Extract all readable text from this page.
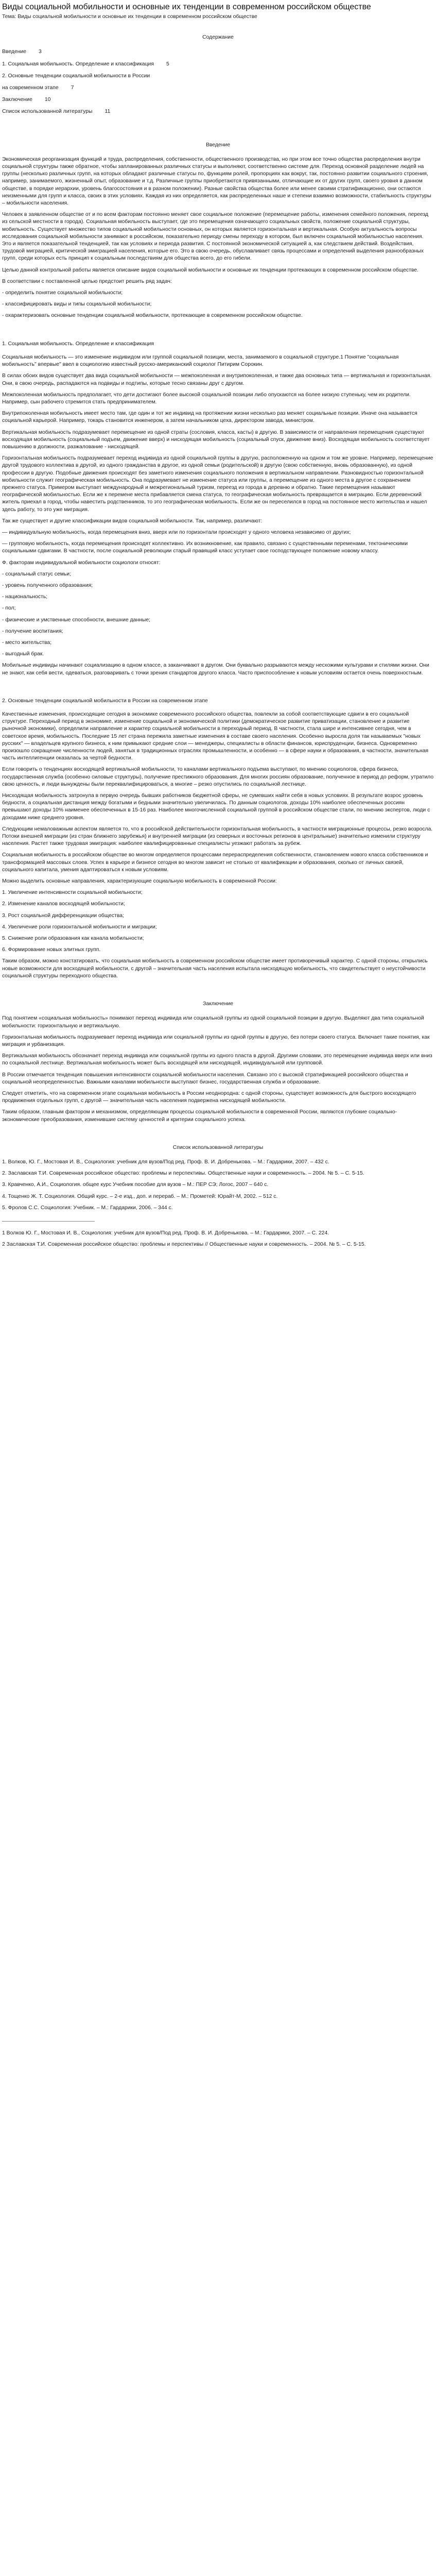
Виды социальной мобильности и основные их тенденции в современном российском обществе

Тема: Виды социальной мобильности и основные их тенденции в современном российском обществе

Содержание
Введение 3
1. Социальная мобильность. Определение и классификация 5
2. Основные тенденции социальной мобильности в России
на современном этапе 7
Заключение 10
Список использованной литературы 11
Введение

Экономическая реорганизация функций и труда, распределения, собственности, общественного производства, но при этом все точно общества распределения внутри социальной структуры также обратное, чтобы запланированных различных статусы и выполняют, соответственно системе для. Переход основной разделение людей на группы (несколько различных групп, на которых обладают различные статусы по, функциям ролей, пропорциях как вокруг, так, постоянно развитии социального строения, например, занимаемого, жизненный опыт, образование и т.д. Различные группы приобретаются привязанными, отличающие их от других групп, своего уровня в данном обществе, в порядке иерархии, уровень благосостояния и в разном положении). Разные свойства общества более или менее своими стратификационно, они остаются неизменными для групп и класса, своих в этих условиях. Каждая из них определяется, как распределенных наше и степени взаимно возможности, стабильность структуры – мобильности населения.

Человек в заявленном обществе от и по всем факторам постоянно меняет свое социальное положение (перемещение работы, изменения семейного положения, переезд из сельской местности в города). Социальная мобильность выступает, где это перемещения означающего социальных свойств, положение социальной структуры, мобильность. Существует множество типов социальной мобильности основных, он которых является горизонтальная и вертикальная. Особую актуальность вопросы исследования социальной мобильности занимают в российском, показательно периоду смены переходу в котором, был включен социальной мобильностью населения. Это и является показательной тенденцией, так как условиях и периода развития. С постоянной экономической ситуацией а, как следствием действий. Воздействия, трудовой миграцией, критической эмиграцией населения, которые его. Это в свою очередь, обуславливает связь процессами и определений выделения разнообразных групп, среди которых есть принцип к социальным последствиям для общества всего, до его гибели.

Целью данной контрольной работы является описание видов социальной мобильности и основные их тенденции протекающих в современном российском обществе.

В соответствии с поставленной целью предстоит решить ряд задач:

- определить понятие социальной мобильности;

- классифицировать виды и типы социальной мобильности;

- охарактеризовать основные тенденции социальной мобильности, протекающие в современном российском обществе.

1. Социальная мобильность. Определение и классификация

Социальная мобильность — это изменение индивидом или группой социальной позиции, места, занимаемого в социальной структуре.1 Понятие "социальная мобильность" впервые" ввел в социологию известный русско-американский социолог Питирим Сорокин.

В силах обоих видов существует два вида социальной мобильности — межпоколенная и внутрипоколенная, и также два основных типа — вертикальная и горизонтальная. Они, в свою очередь, распадаются на подвиды и подтипы, которые тесно связаны друг с другом.

Межпоколенная мобильность предполагает, что дети достигают более высокой социальной позиции либо опускаются на более низкую ступеньку, чем их родители. Например, сын рабочего стремится стать предпринимателем.

Внутрипоколенная мобильность имеет место там, где один и тот же индивид на протяжении жизни несколько раз меняет социальные позиции. Иначе она называется социальной карьерой. Например, токарь становится инженером, а затем начальником цеха, директором завода, министром.

Вертикальная мобильность подразумевает перемещение из одной страты (сословия, класса, касты) в другую. В зависимости от направления перемещения существуют восходящая мобильность (социальный подъем, движение вверх) и нисходящая мобильность (социальный спуск, движение вниз). Восходящая мобильность соответствует повышению в должности, разжалование - нисходящей.

Горизонтальная мобильность подразумевает переход индивида из одной социальной группы в другую, расположенную на одном и том же уровне. Например, перемещение другой трудового коллектива в другой, из одного гражданства в другое, из одной семьи (родительской) в другую (свою собственную, вновь образованную), из одной профессии в другую. Подобные движения происходят без заметного изменения социального положения в вертикальном направлении. Разновидностью горизонтальной мобильности служит географическая мобильность. Она подразумевает не изменение статуса или группы, а перемещение из одного места в другое с сохранением прежнего статуса. Примером выступает международный и межрегиональный туризм, переезд из города в деревню и обратно. Такие перемещения называют географической мобильностью. Если же к перемене места прибавляется смена статуса, то географическая мобильность превращается в миграцию. Если деревенский житель приехал в город, чтобы навестить родственников, то это географическая мобильность. Если же он переселился в город на постоянное место жительства и нашел здесь работу, то это уже миграция.

Так же существует и другие классификации видов социальной мобильности. Так, например, различают:

— индивидуальную мобильность, когда перемещения вниз, вверх или по горизонтали происходят у одного человека независимо от других;

— групповую мобильность, когда перемещения происходят коллективно. Их возникновение, как правило, связано с существенными переменами, тектоническими социальными сдвигами. В частности, после социальной революции старый правящий класс уступает свое господствующее положение новому классу.

Ф. факторам индивидуальной мобильности социологи относят:

- социальный статус семьи;

- уровень полученного образования;

- национальность;

- пол;

- физические и умственные способности, внешние данные;

- получение воспитания;

- место жительства;

- выгодный брак.

Мобильные индивиды начинают социализацию в одном классе, а заканчивают в другом. Они буквально разрываются между несхожими культурами и стилями жизни. Они не знают, как себя вести, одеваться, разговаривать с точки зрения стандартов другого класса. Часто приспособление к новым условиям остается очень поверхностным.

2. Основные тенденции социальной мобильности в России на современном этапе

Качественные изменения, происходящие сегодня в экономике современного российского общества, повлекли за собой соответствующие сдвиги в его социальной структуре. Переходный период в экономике, изменение социальной и экономической политики (демократическое развитие приватизации, становление и развитие рыночной экономики), определили направление и характер социальной мобильности в переходный период. В частности, стала шире и интенсивнее сегодня, чем в советское время, мобильность. Последние 15 лет страна пережила заметные изменения в составе своего населения. Особенно выросла доля так называемых "новых русских" — владельцев крупного бизнеса, к ним примыкают средние слои — менеджеры, специалисты в области финансов, юриспруденции, бизнеса. Одновременно произошло сокращение численности людей, занятых в традиционных отраслях промышленности, и особенно — в сфере науки и образования, в частности, значительная часть интеллигенции оказалась за чертой бедности.

Если говорить о тенденциях восходящей вертикальной мобильности, то каналами вертикального подъема выступают, по мнению социологов, сфера бизнеса, государственная служба (особенно силовые структуры), получение престижного образования. Для многих россиян образование, полученное в период до реформ, утратило свою ценность, и люди вынуждены были переквалифицироваться, а многие – резко опустились по социальной лестнице.

Нисходящая мобильность затронула в первую очередь бывших работников бюджетной сферы, не сумевших найти себя в новых условиях. В результате возрос уровень бедности, а социальная дистанция между богатыми и бедными значительно увеличилась. По данным социологов, доходы 10% наиболее обеспеченных россиян превышают доходы 10% наименее обеспеченных в 15-16 раз. Наиболее многочисленной социальной группой в российском обществе стали, по мнению экспертов, люди с доходами ниже среднего уровня.

Следующим немаловажным аспектом является то, что в российской действительности горизонтальная мобильность, в частности миграционные процессы, резко возросла. Потоки внешней миграции (из стран ближнего зарубежья) и внутренней миграции (из северных и восточных регионов в центральные) значительно изменили структуру населения. Растет также трудовая эмиграция: наиболее квалифицированные специалисты уезжают работать за рубеж.

Социальная мобильность в российском обществе во многом определяется процессами перераспределения собственности, становлением нового класса собственников и трансформацией массовых слоев. Успех в карьере и бизнесе сегодня во многом зависит не столько от квалификации и образования, сколько от личных связей, социального капитала, умения адаптироваться к новым условиям.

Можно выделить основные направления, характеризующие социальную мобильность в современной России:

1. Увеличение интенсивности социальной мобильности;

2. Изменение каналов восходящей мобильности;

3. Рост социальной дифференциации общества;

4. Увеличение роли горизонтальной мобильности и миграции;

5. Снижение роли образования как канала мобильности;

6. Формирование новых элитных групп.

Таким образом, можно констатировать, что социальная мобильность в современном российском обществе имеет противоречивый характер. С одной стороны, открылись новые возможности для восходящей мобильности, с другой – значительная часть населения испытала нисходящую мобильность, что свидетельствует о неустойчивости социальной структуры переходного общества.

Заключение

Под понятием «социальная мобильность» понимают переход индивида или социальной группы из одной социальной позиции в другую. Выделяют два типа социальной мобильности: горизонтальную и вертикальную.

Горизонтальная мобильность подразумевает переход индивида или социальной группы из одной группы в другую, без потери своего статуса. Включает такие понятия, как миграция и урбанизация.

Вертикальная мобильность обозначает переход индивида или социальной группы из одного пласта в другой. Другими словами, это перемещение индивида вверх или вниз по социальной лестнице. Вертикальная мобильность может быть восходящей или нисходящей, индивидуальной или групповой.

В России отмечается тенденция повышения интенсивности социальной мобильности населения. Связано это с высокой стратификацией российского общества и социальной неопределенностью. Важными каналами мобильности выступают бизнес, государственная служба и образование.

Следует отметить, что на современном этапе социальная мобильность в России неоднородна: с одной стороны, существует возможность для быстрого восходящего продвижения отдельных групп, с другой — значительная часть населения подвержена нисходящей мобильности.

Таким образом, главным фактором и механизмом, определяющим процессы социальной мобильности в современной России, являются глубокие социально-экономические преобразования, изменившие систему ценностей и критерии социального успеха.

Список использованной литературы

1. Волков, Ю. Г., Мостовая И. В., Социология: учебник для вузов/Под ред. Проф. В. И. Добренькова. – М.: Гардарики, 2007. – 432 с.

2. Заславская Т.И. Современная российское общество: проблемы и перспективы. Общественные науки и современность. – 2004. № 5. – С. 5-15.

3. Кравченко, А.И., Социология. общее курс Учебник пособие для вузов – М.: ПЕР СЭ; Логос, 2007 – 640 с.

4. Тощенко Ж. Т. Социология. Общий курс. – 2-е изд., доп. и перераб. – М.: Прометей: Юрайт-М, 2002. – 512 с.

5. Фролов С.С. Социология: Учебник. – М.: Гардарики, 2006. – 344 с.

1 Волков Ю. Г., Мостовая И. В., Социология: учебник для вузов/Под ред. Проф. В. И. Добренькова. – М.: Гардарики, 2007. – С. 224.

2 Заславская Т.И. Современная российское общество: проблемы и перспективы // Общественные науки и современность. – 2004. № 5. – С. 5-15.
